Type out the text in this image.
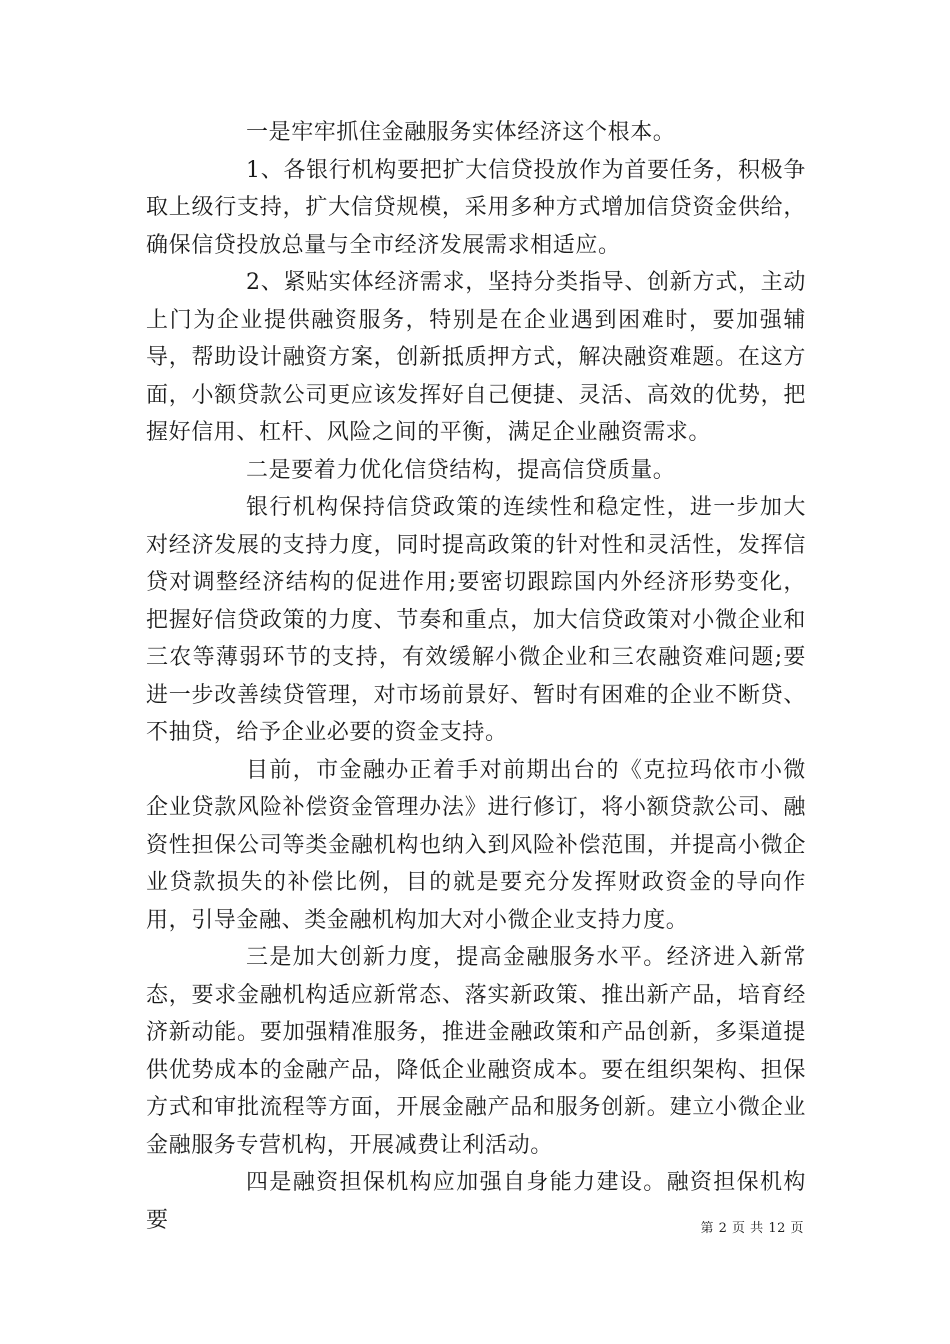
一是牢牢抓住金融服务实体经济这个根本。

1、各银行机构要把扩大信贷投放作为首要任务，积极争取上级行支持，扩大信贷规模，采用多种方式增加信贷资金供给，确保信贷投放总量与全市经济发展需求相适应。

2、紧贴实体经济需求，坚持分类指导、创新方式，主动上门为企业提供融资服务，特别是在企业遇到困难时，要加强辅导，帮助设计融资方案，创新抵质押方式，解决融资难题。在这方面，小额贷款公司更应该发挥好自己便捷、灵活、高效的优势，把握好信用、杠杆、风险之间的平衡，满足企业融资需求。

二是要着力优化信贷结构，提高信贷质量。

银行机构保持信贷政策的连续性和稳定性，进一步加大对经济发展的支持力度，同时提高政策的针对性和灵活性，发挥信贷对调整经济结构的促进作用;要密切跟踪国内外经济形势变化，把握好信贷政策的力度、节奏和重点，加大信贷政策对小微企业和三农等薄弱环节的支持，有效缓解小微企业和三农融资难问题;要进一步改善续贷管理，对市场前景好、暂时有困难的企业不断贷、不抽贷，给予企业必要的资金支持。

目前，市金融办正着手对前期出台的《克拉玛依市小微企业贷款风险补偿资金管理办法》进行修订，将小额贷款公司、融资性担保公司等类金融机构也纳入到风险补偿范围，并提高小微企业贷款损失的补偿比例，目的就是要充分发挥财政资金的导向作用，引导金融、类金融机构加大对小微企业支持力度。

三是加大创新力度，提高金融服务水平。经济进入新常态，要求金融机构适应新常态、落实新政策、推出新产品，培育经济新动能。要加强精准服务，推进金融政策和产品创新，多渠道提供优势成本的金融产品，降低企业融资成本。要在组织架构、担保方式和审批流程等方面，开展金融产品和服务创新。建立小微企业金融服务专营机构，开展减费让利活动。

四是融资担保机构应加强自身能力建设。融资担保机构要	第 2 页 共 12 页
